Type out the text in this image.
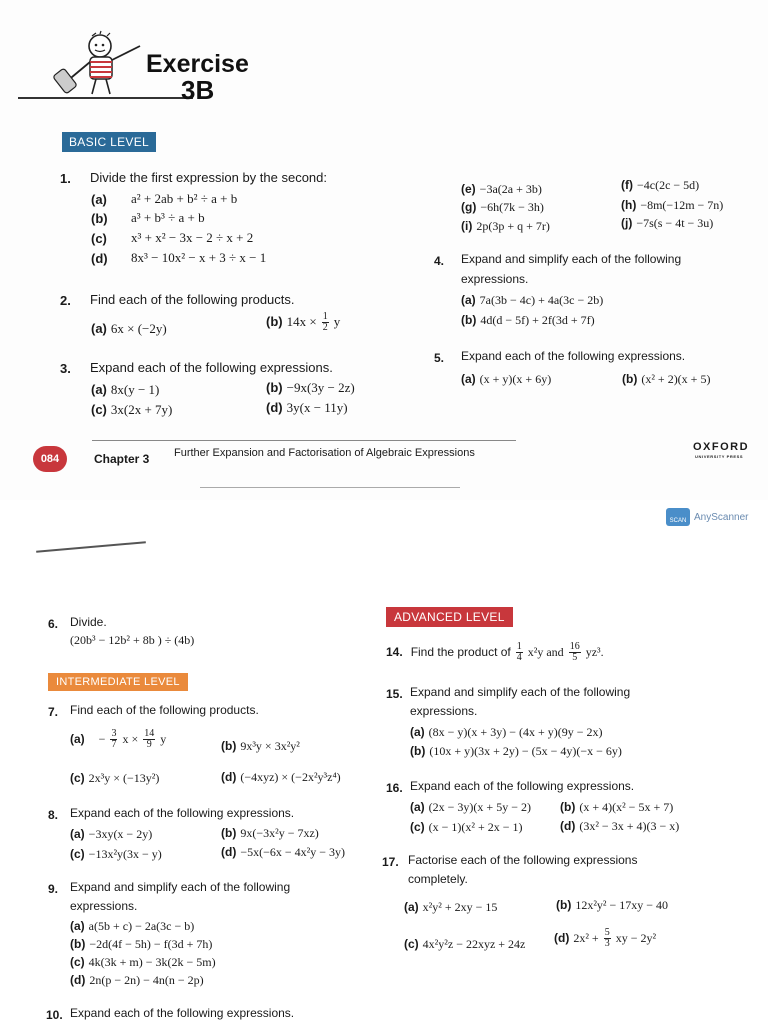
Exercise
3B
BASIC LEVEL
1. Divide the first expression by the second:
(a) a² + 2ab + b² ÷ a + b
(b) a³ + b³ ÷ a + b
(c) x³ + x² − 3x − 2 ÷ x + 2
(d) 8x³ − 10x² − x + 3 ÷ x − 1
2. Find each of the following products.
(a) 6x × (−2y)	(b) $14x \times \frac{1}{2}$ y
3. Expand each of the following expressions.
(a) 8x(y − 1)	(b) −9x(3y − 2z)
(c) 3x(2x + 7y)	(d) 3y(x − 11y)
(e) −3a(2a + 3b)	(f) −4c(2c − 5d)
(g) −6h(7k − 3h)	(h) −8m(−12m − 7n)
(i) 2p(3p + q + 7r)	(j) −7s(s − 4t − 3u)
4. Expand and simplify each of the following
expressions.
(a) 7a(3b − 4c) + 4a(3c − 2b)
(b) 4d(d − 5f) + 2f(3d + 7f)
5. Expand each of the following expressions.
(a) (x + y)(x + 6y)	(b) (x² + 2)(x + 5)
084	Chapter 3 Further Expansion and Factorisation of Algebraic Expressions	OXFORD
UNIVERSITY PRESS
SCAN AnyScanner
6. Divide.
(20b³ − 12b² + 8b ) ÷ (4b)
INTERMEDIATE LEVEL
7. Find each of the following products.
$(a) - \frac{3}{7}$ $x \times \frac{14}{9}$ y	(b) 9x³y × 3x²y²
(c) 2x³y × (−13y²)	(d) (−4xyz) × (−2x²y³z⁴)
8. Expand each of the following expressions.
(a) −3xy(x − 2y)	(b) 9x(−3x²y − 7xz)
(c) −13x²y(3x − y)	(d) −5x(−6x − 4x²y − 3y)
9. Expand and simplify each of the following
expressions.
(a) a(5b + c) − 2a(3c − b)
(b) −2d(4f − 5h) − f(3d + 7h)
(c) 4k(3k + m) − 3k(2k − 5m)
(d) 2n(p − 2n) − 4n(n − 2p)
10. Expand each of the following expressions.
ADVANCED LEVEL
14. Find the product of $\frac{1}{4} x^2y$ and $\frac{16}{5} yz^3$.
15. Expand and simplify each of the following
expressions.
(a) (8x − y)(x + 3y) − (4x + y)(9y − 2x)
(b) (10x + y)(3x + 2y) − (5x − 4y)(−x − 6y)
16. Expand each of the following expressions.
(a) (2x − 3y)(x + 5y − 2) (b) (x + 4)(x² − 5x + 7)
(c) (x − 1)(x² + 2x − 1)	(d) (3x² − 3x + 4)(3 − x)
17. Factorise each of the following expressions
completely.
(a) x²y² + 2xy − 15	(b) 12x²y² − 17xy − 40
(c) 4x²y²z − 22xyz + 24z (d) $2x^2 + \frac{5}{3}$ xy − 2y²
